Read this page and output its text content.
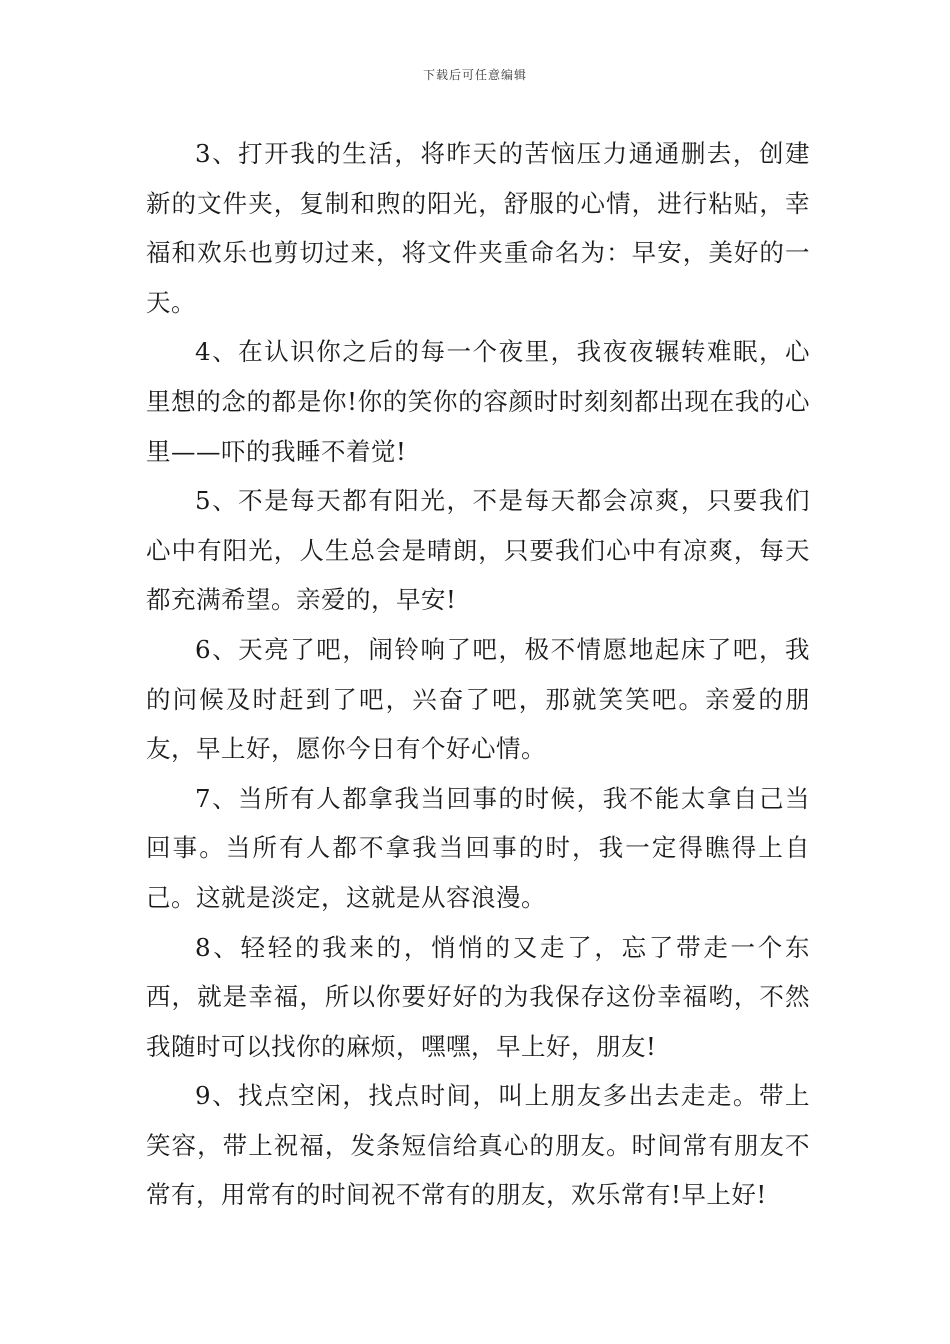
下载后可任意编辑

3、打开我的生活，将昨天的苦恼压力通通删去，创建新的文件夹，复制和煦的阳光，舒服的心情，进行粘贴，幸福和欢乐也剪切过来，将文件夹重命名为：早安，美好的一天。

4、在认识你之后的每一个夜里，我夜夜辗转难眠，心里想的念的都是你!你的笑你的容颜时时刻刻都出现在我的心里——吓的我睡不着觉!

5、不是每天都有阳光，不是每天都会凉爽，只要我们心中有阳光，人生总会是晴朗，只要我们心中有凉爽，每天都充满希望。亲爱的，早安!

6、天亮了吧，闹铃响了吧，极不情愿地起床了吧，我的问候及时赶到了吧，兴奋了吧，那就笑笑吧。亲爱的朋友，早上好，愿你今日有个好心情。

7、当所有人都拿我当回事的时候，我不能太拿自己当回事。当所有人都不拿我当回事的时，我一定得瞧得上自己。这就是淡定，这就是从容浪漫。

8、轻轻的我来的，悄悄的又走了，忘了带走一个东西，就是幸福，所以你要好好的为我保存这份幸福哟，不然我随时可以找你的麻烦，嘿嘿，早上好，朋友!

9、找点空闲，找点时间，叫上朋友多出去走走。带上笑容，带上祝福，发条短信给真心的朋友。时间常有朋友不常有，用常有的时间祝不常有的朋友，欢乐常有!早上好!
